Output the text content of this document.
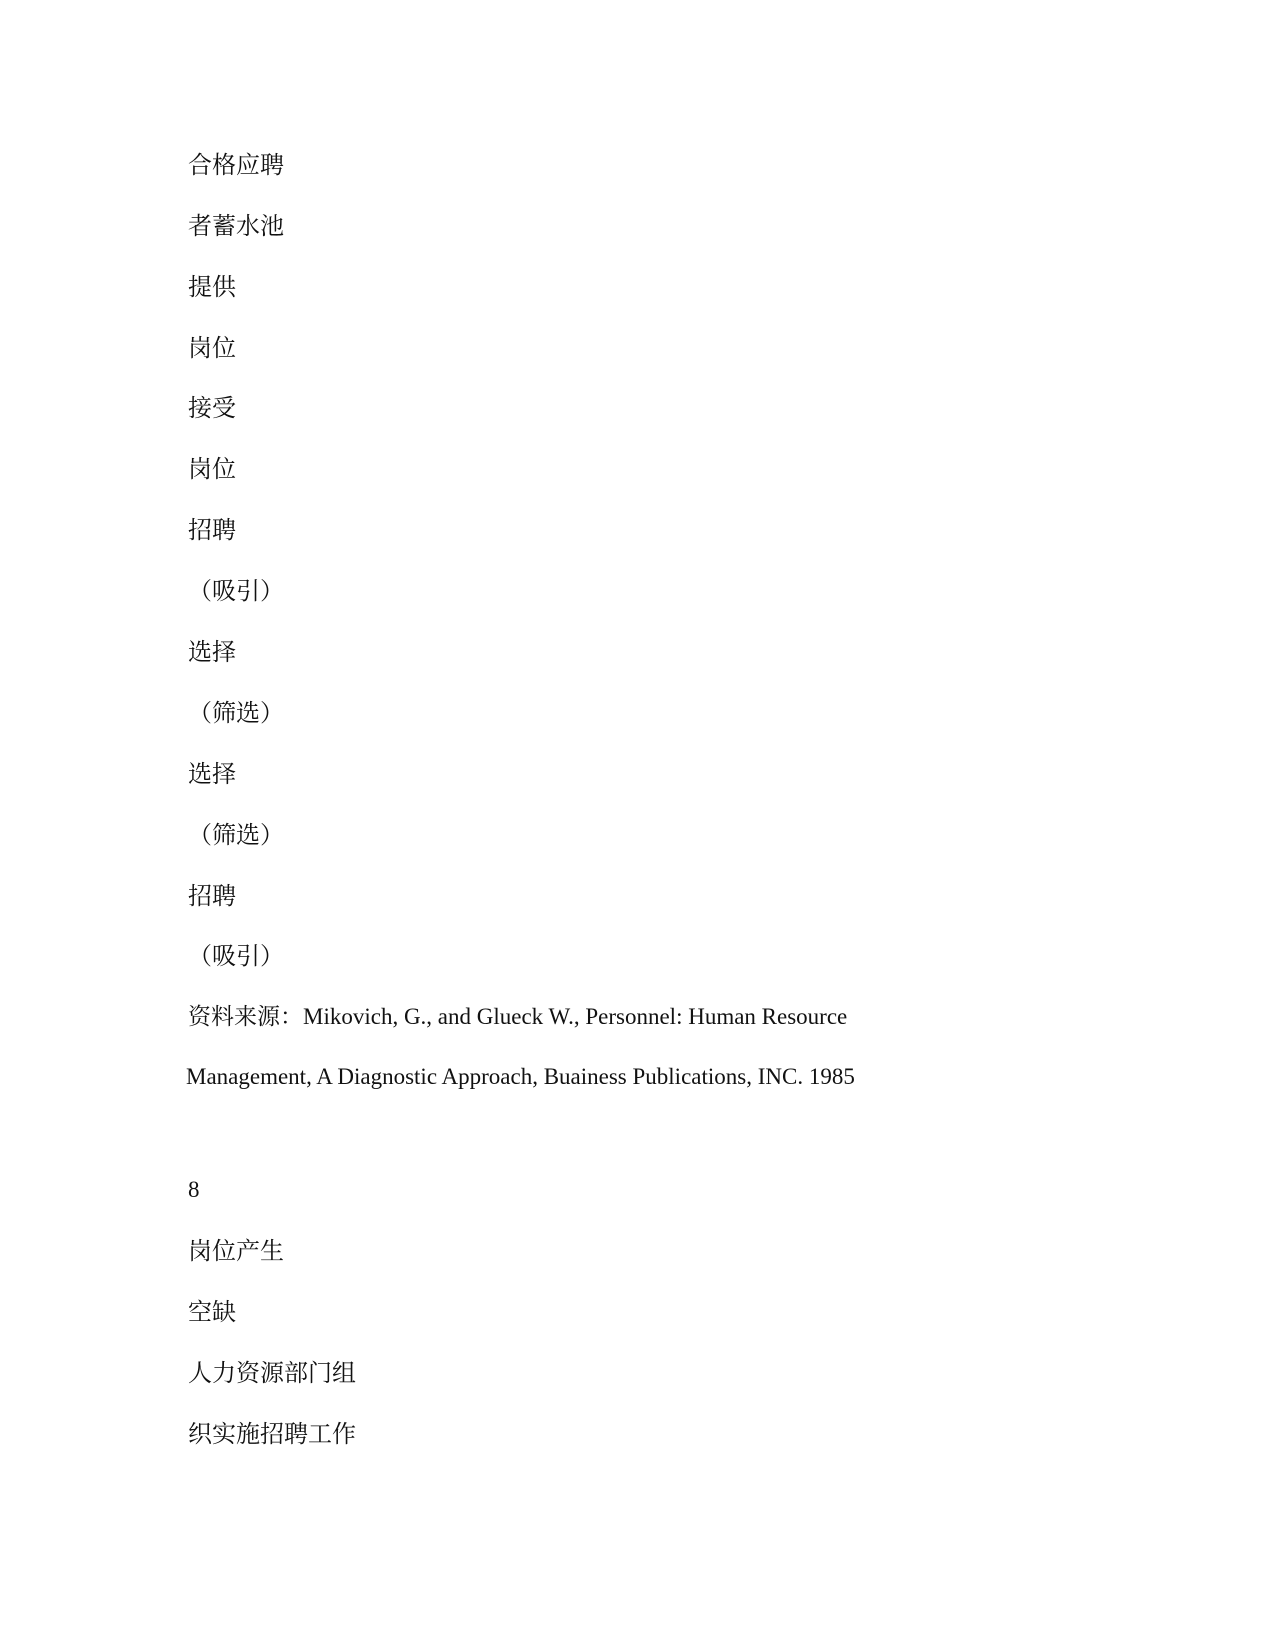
合格应聘
者蓄水池
提供
岗位
接受
岗位
招聘
（吸引）
选择
（筛选）
选择
（筛选）
招聘
（吸引）
资料来源：Mikovich, G., and Glueck W., Personnel: Human Resource
Management, A Diagnostic Approach, Buainess Publications, INC. 1985
8
岗位产生
空缺
人力资源部门组
织实施招聘工作
